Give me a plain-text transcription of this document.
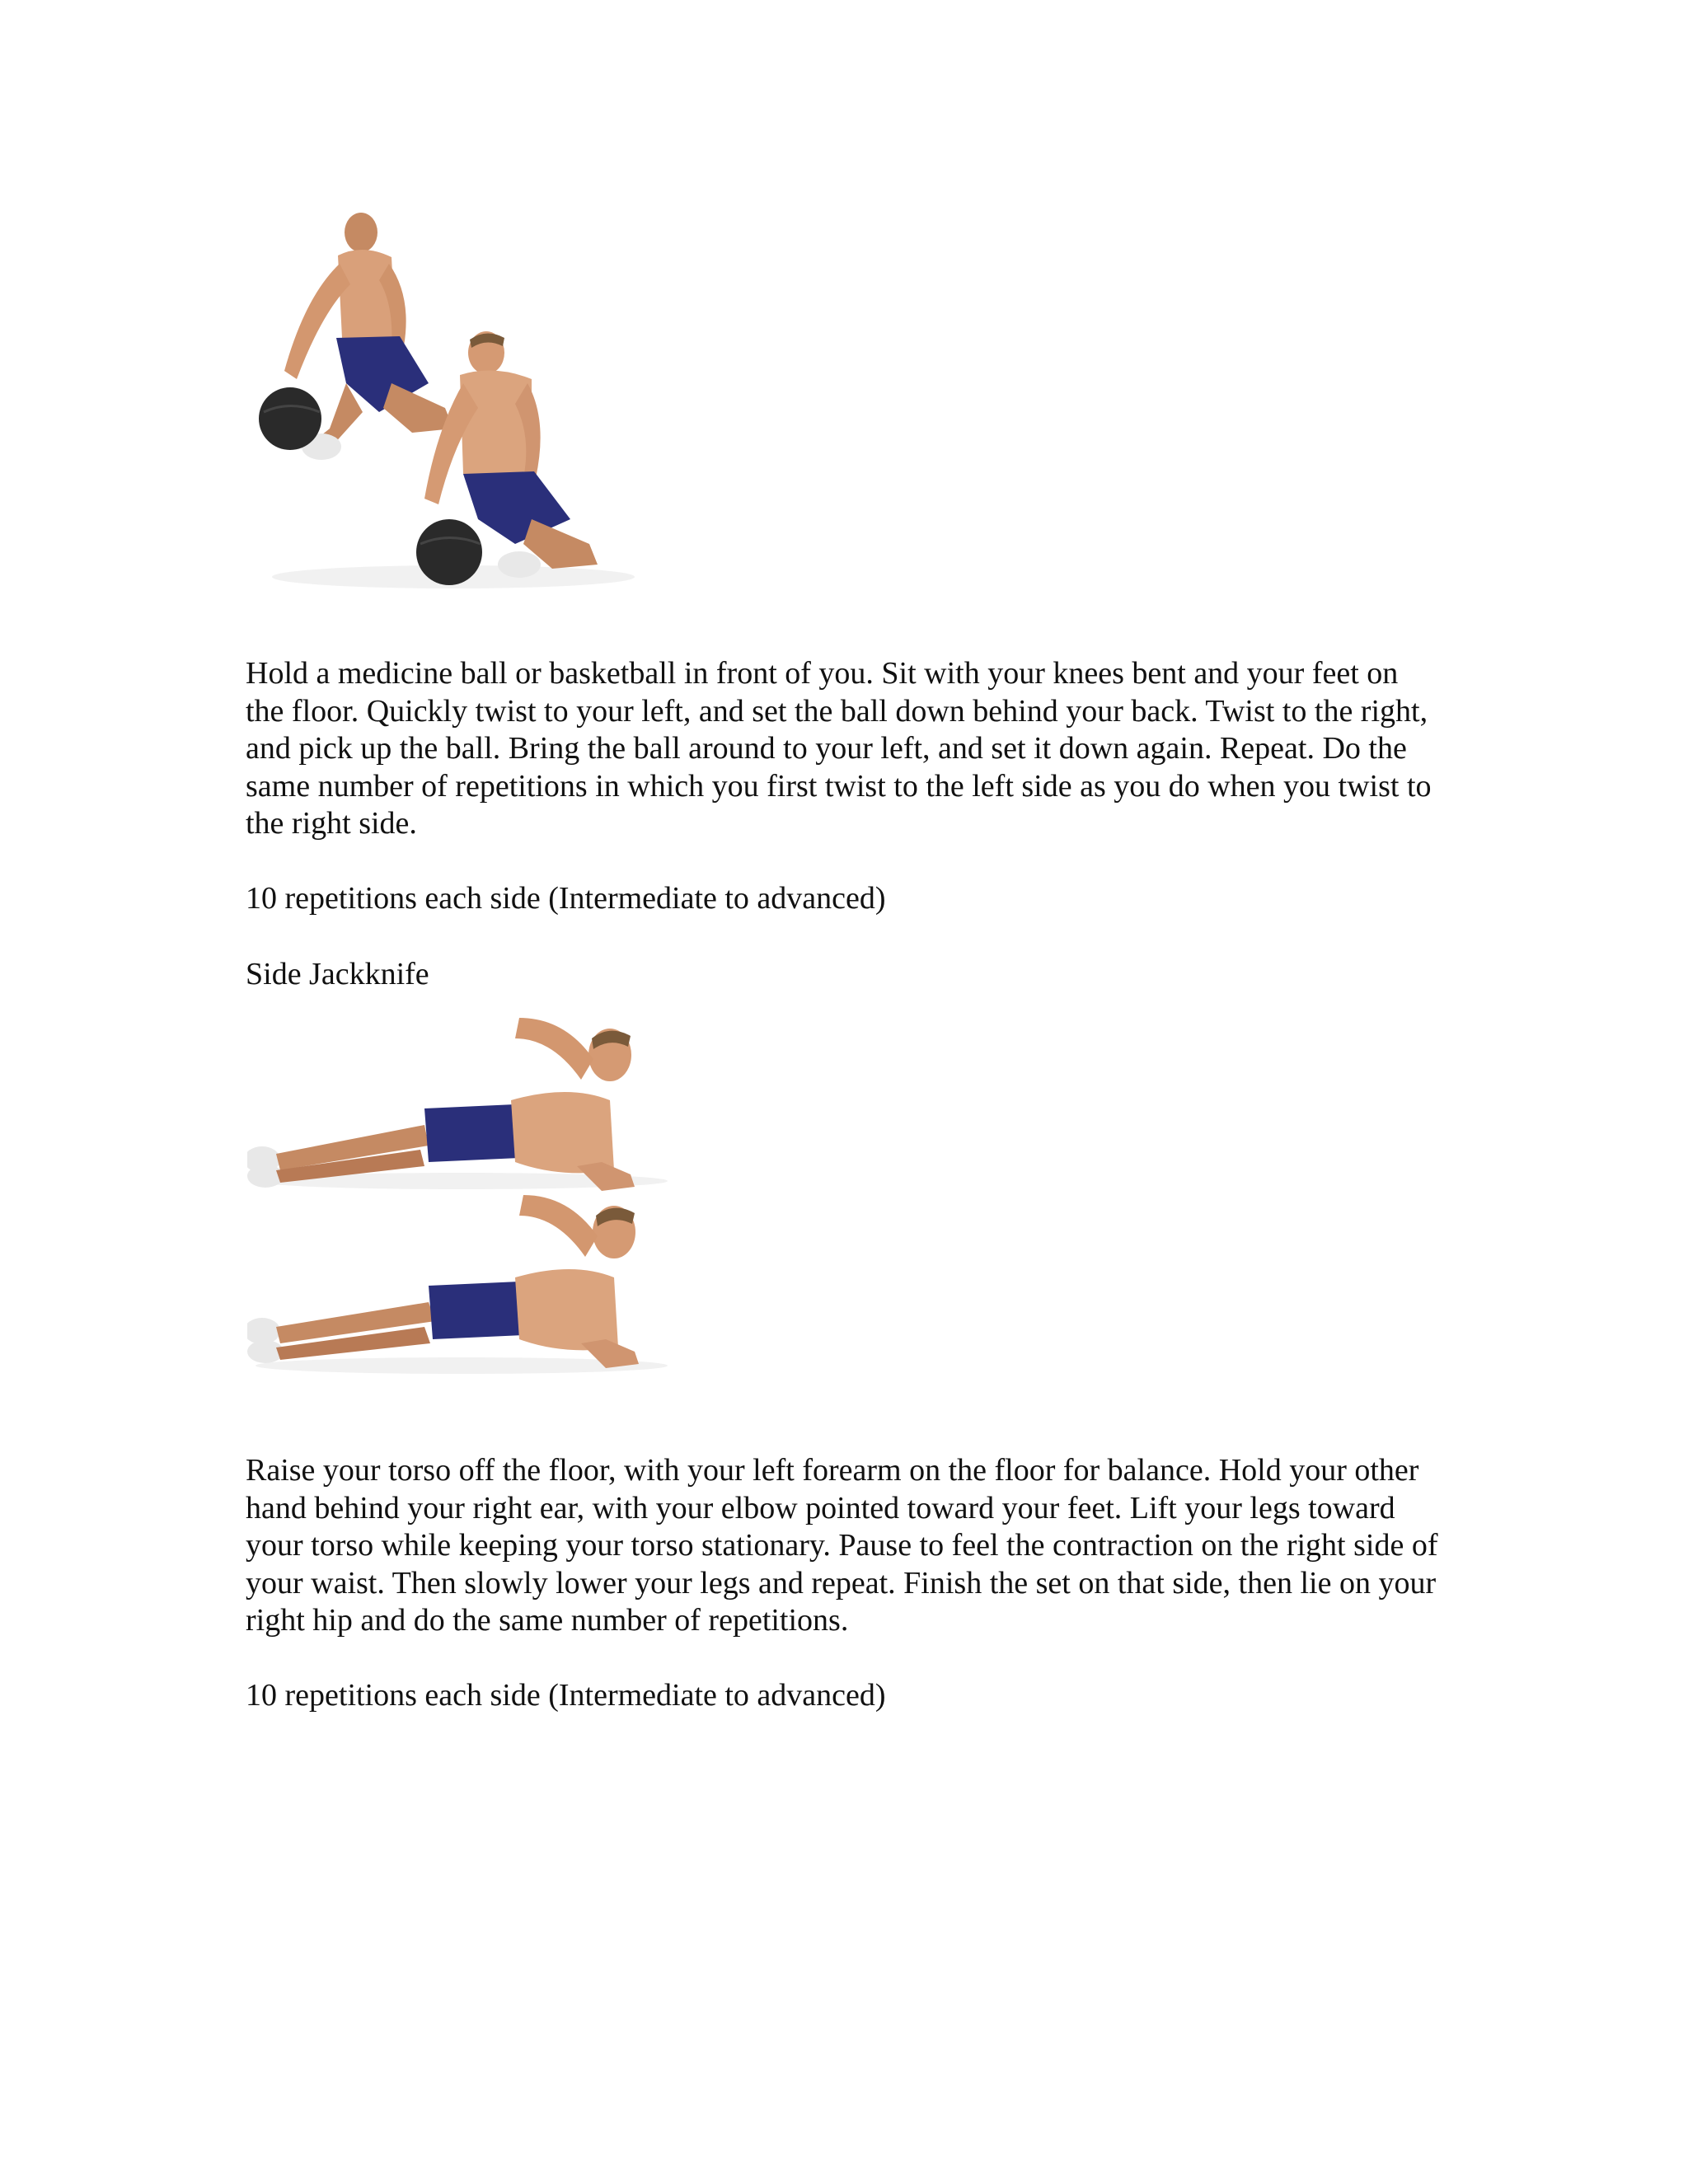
Hold a medicine ball or basketball in front of you. Sit with your knees bent and your feet on the floor. Quickly twist to your left, and set the ball down behind your back. Twist to the right, and pick up the ball. Bring the ball around to your left, and set it down again. Repeat. Do the same number of repetitions in which you first twist to the left side as you do when you twist to the right side.

10 repetitions each side (Intermediate to advanced)

Side Jackknife

Raise your torso off the floor, with your left forearm on the floor for balance. Hold your other hand behind your right ear, with your elbow pointed toward your feet. Lift your legs toward your torso while keeping your torso stationary. Pause to feel the contraction on the right side of your waist. Then slowly lower your legs and repeat. Finish the set on that side, then lie on your right hip and do the same number of repetitions.

10 repetitions each side (Intermediate to advanced)
